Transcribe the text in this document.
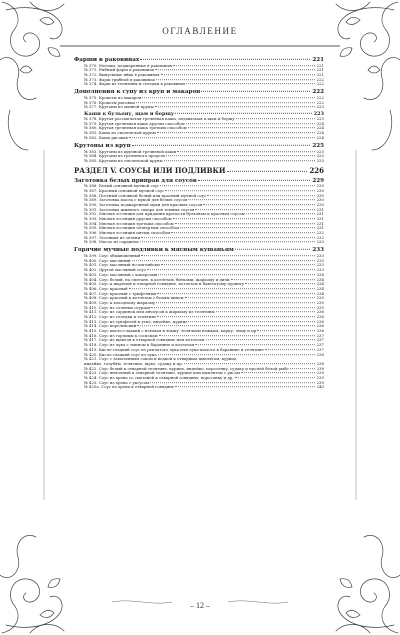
ОГЛАВЛЕНИЕ
Фарши в раковинах	221
№ 370. Молоки, поджаренные в раковинах	221
№ 371. Рыбный фарш в раковинах	221
№ 372. Выпускные яйца в раковинах	221
№ 373. Фарш грибной в раковинах	222
№ 374. Фарш из телятины и селедки в раковинах	222
Дополнения к супу из круп и макарон	222
№ 375. Крокеты из макарон	222
№ 376. Крокеты рисовые	222
№ 377. Крутоны из манной крупы	223
Каши к бульону, щам и борщу	223
№ 378. Крутая рассыпчатая гречневая каша, подаваемая к щам и борщу	223
№ 379. Крутая гречневая каша другим способом	224
№ 380. Крутая гречневая каша третьим способом	224
№ 381. Каша из смоленской крупы	224
№ 382. Каша рисовая	224
Крутоны из круп	225
№ 383. Крутоны из крупной гречневой каши	225
№ 384. Крутоны из гречневого продела	225
№ 385. Крутоны из смоленской крупы	225
РАЗДЕЛ V. СОУСЫ ИЛИ ПОДЛИВКИ	226
Заготовка белых приправ для соусов	229
№ 386. Белый основной мучной соус	230
№ 387. Красный основной мучной соус	230
№ 388. Постный основной белый или красный мучной соус	230
№ 389. Заготовка масла с мукой для белых соусов	230
№ 390. Заготовка поджаренной муки для красных соусов	230
№ 391. Заготовка жженого сахара для темных соусов	231
№ 392. Мясная эссенция для придания крепости бульонам и красным соусам	231
№ 393. Мясная эссенция другим способом	231
№ 394. Мясная эссенция третьим способом	231
№ 395. Мясная эссенция четвертым способом	231
№ 396. Мясная эссенция пятым способом	232
№ 397. Эссенция из зелени	232
№ 398. Масло из сардинок	233
Горячие мучные подливки к мясным кушаньям	233
№ 399. Соус обыкновенный	233
№ 400. Соус масляный	233
№ 401. Соус масляный по-английски	233
№ 402. Другой масляный соус	233
№ 403. Соус масляный с каперсами	234
№ 404. Соус белый, на сметане, к котлетам, битками, жаркому и дичи	234
№ 405. Соус к жареной и отварной говядине, котлетам и баветатому пудингу	234
№ 406. Соус красный	234
№ 407. Соус красный с трюфелями	234
№ 408. Соус красный к котлетам с белым вином	235
№ 409. Соус к холодному жаркому	235
№ 410. Соус из соленых огурцов	235
№ 411. Соус из сардинок или анчоусов к жаркому из телятины	236
№ 412. Соус из селедки к телятине	236
№ 413. Соус из трюфелей к утке, индейке, курице	236
№ 414. Соус королевский	236
№ 415. Соус кисло-сладкий с изюмом к языку, телячьим ножкам, карпу, лещу и пр	236
№ 416. Соус из горчицы к сосискам	237
№ 417. Соус из щавеля к отварной говядине или котлетам	237
№ 418. Соус из лука с тмином к баранине и котлетам	237
№ 419. Кисло-сладкий соус из репчатого лука или лука-шалота к баранине и телятине	237
№ 420. Кисло-сладкий соус из лука	238
№ 421. Соус с замоченным соком и водкой к отварным цыплятам, курице,
индейке, голубям, телятине, щуке, судаку и пр.	238
№ 422. Соус белый к отварной телятине, курице, индейке, поросенку, судаку и прочей белой рыбе	238
№ 423. Соус яичочный к отварной телятине, курице или цыплятам с рисом	239
№ 424. Соус из хрена со сметаной к отварной говядине, поросенку и др.	239
№ 425. Соус из хрена с уксусом	239
№ 425а. Соус из хрена к отварной говядине	240
– 12 –
